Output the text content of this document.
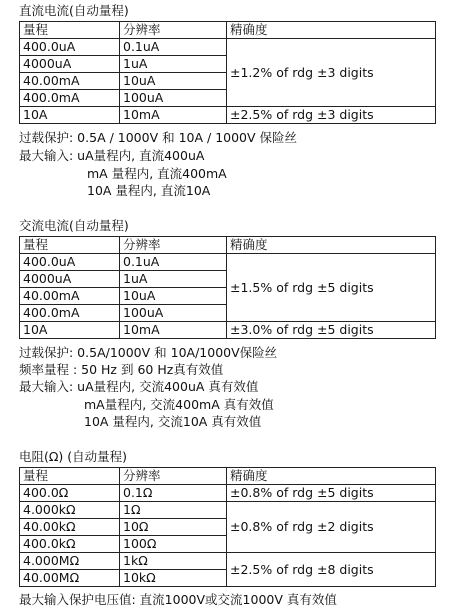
直流电流(自动量程)
量程	分辨率	精确度
400.0uA	0.1uA	±1.2% of rdg ±3 digits
4000uA	1uA	
40.00mA	10uA	
400.0mA	100uA	
10A	10mA	±2.5% of rdg ±3 digits
过载保护: 0.5A / 1000V 和 10A / 1000V 保险丝
最大输入: uA量程内, 直流400uA
mA 量程内, 直流400mA
10A 量程内, 直流10A
交流电流(自动量程)
量程	分辨率	精确度
400.0uA	0.1uA	±1.5% of rdg ±5 digits
4000uA	1uA	
40.00mA	10uA	
400.0mA	100uA	
10A	10mA	±3.0% of rdg ±5 digits
过载保护: 0.5A/1000V 和 10A/1000V保险丝
频率量程 : 50 Hz 到 60 Hz真有效值
最大输入: uA量程内, 交流400uA 真有效值
mA量程内, 交流400mA 真有效值
10A 量程内, 交流10A 真有效值
电阻(Ω) (自动量程)
量程	分辨率	精确度
400.0Ω	0.1Ω	±0.8% of rdg ±5 digits
4.000kΩ	1Ω	±0.8% of rdg ±2 digits
40.00kΩ	10Ω	
400.0kΩ	100Ω	
4.000MΩ	1kΩ	±2.5% of rdg ±8 digits
40.00MΩ	10kΩ	
最大输入保护电压值: 直流1000V或交流1000V 真有效值
